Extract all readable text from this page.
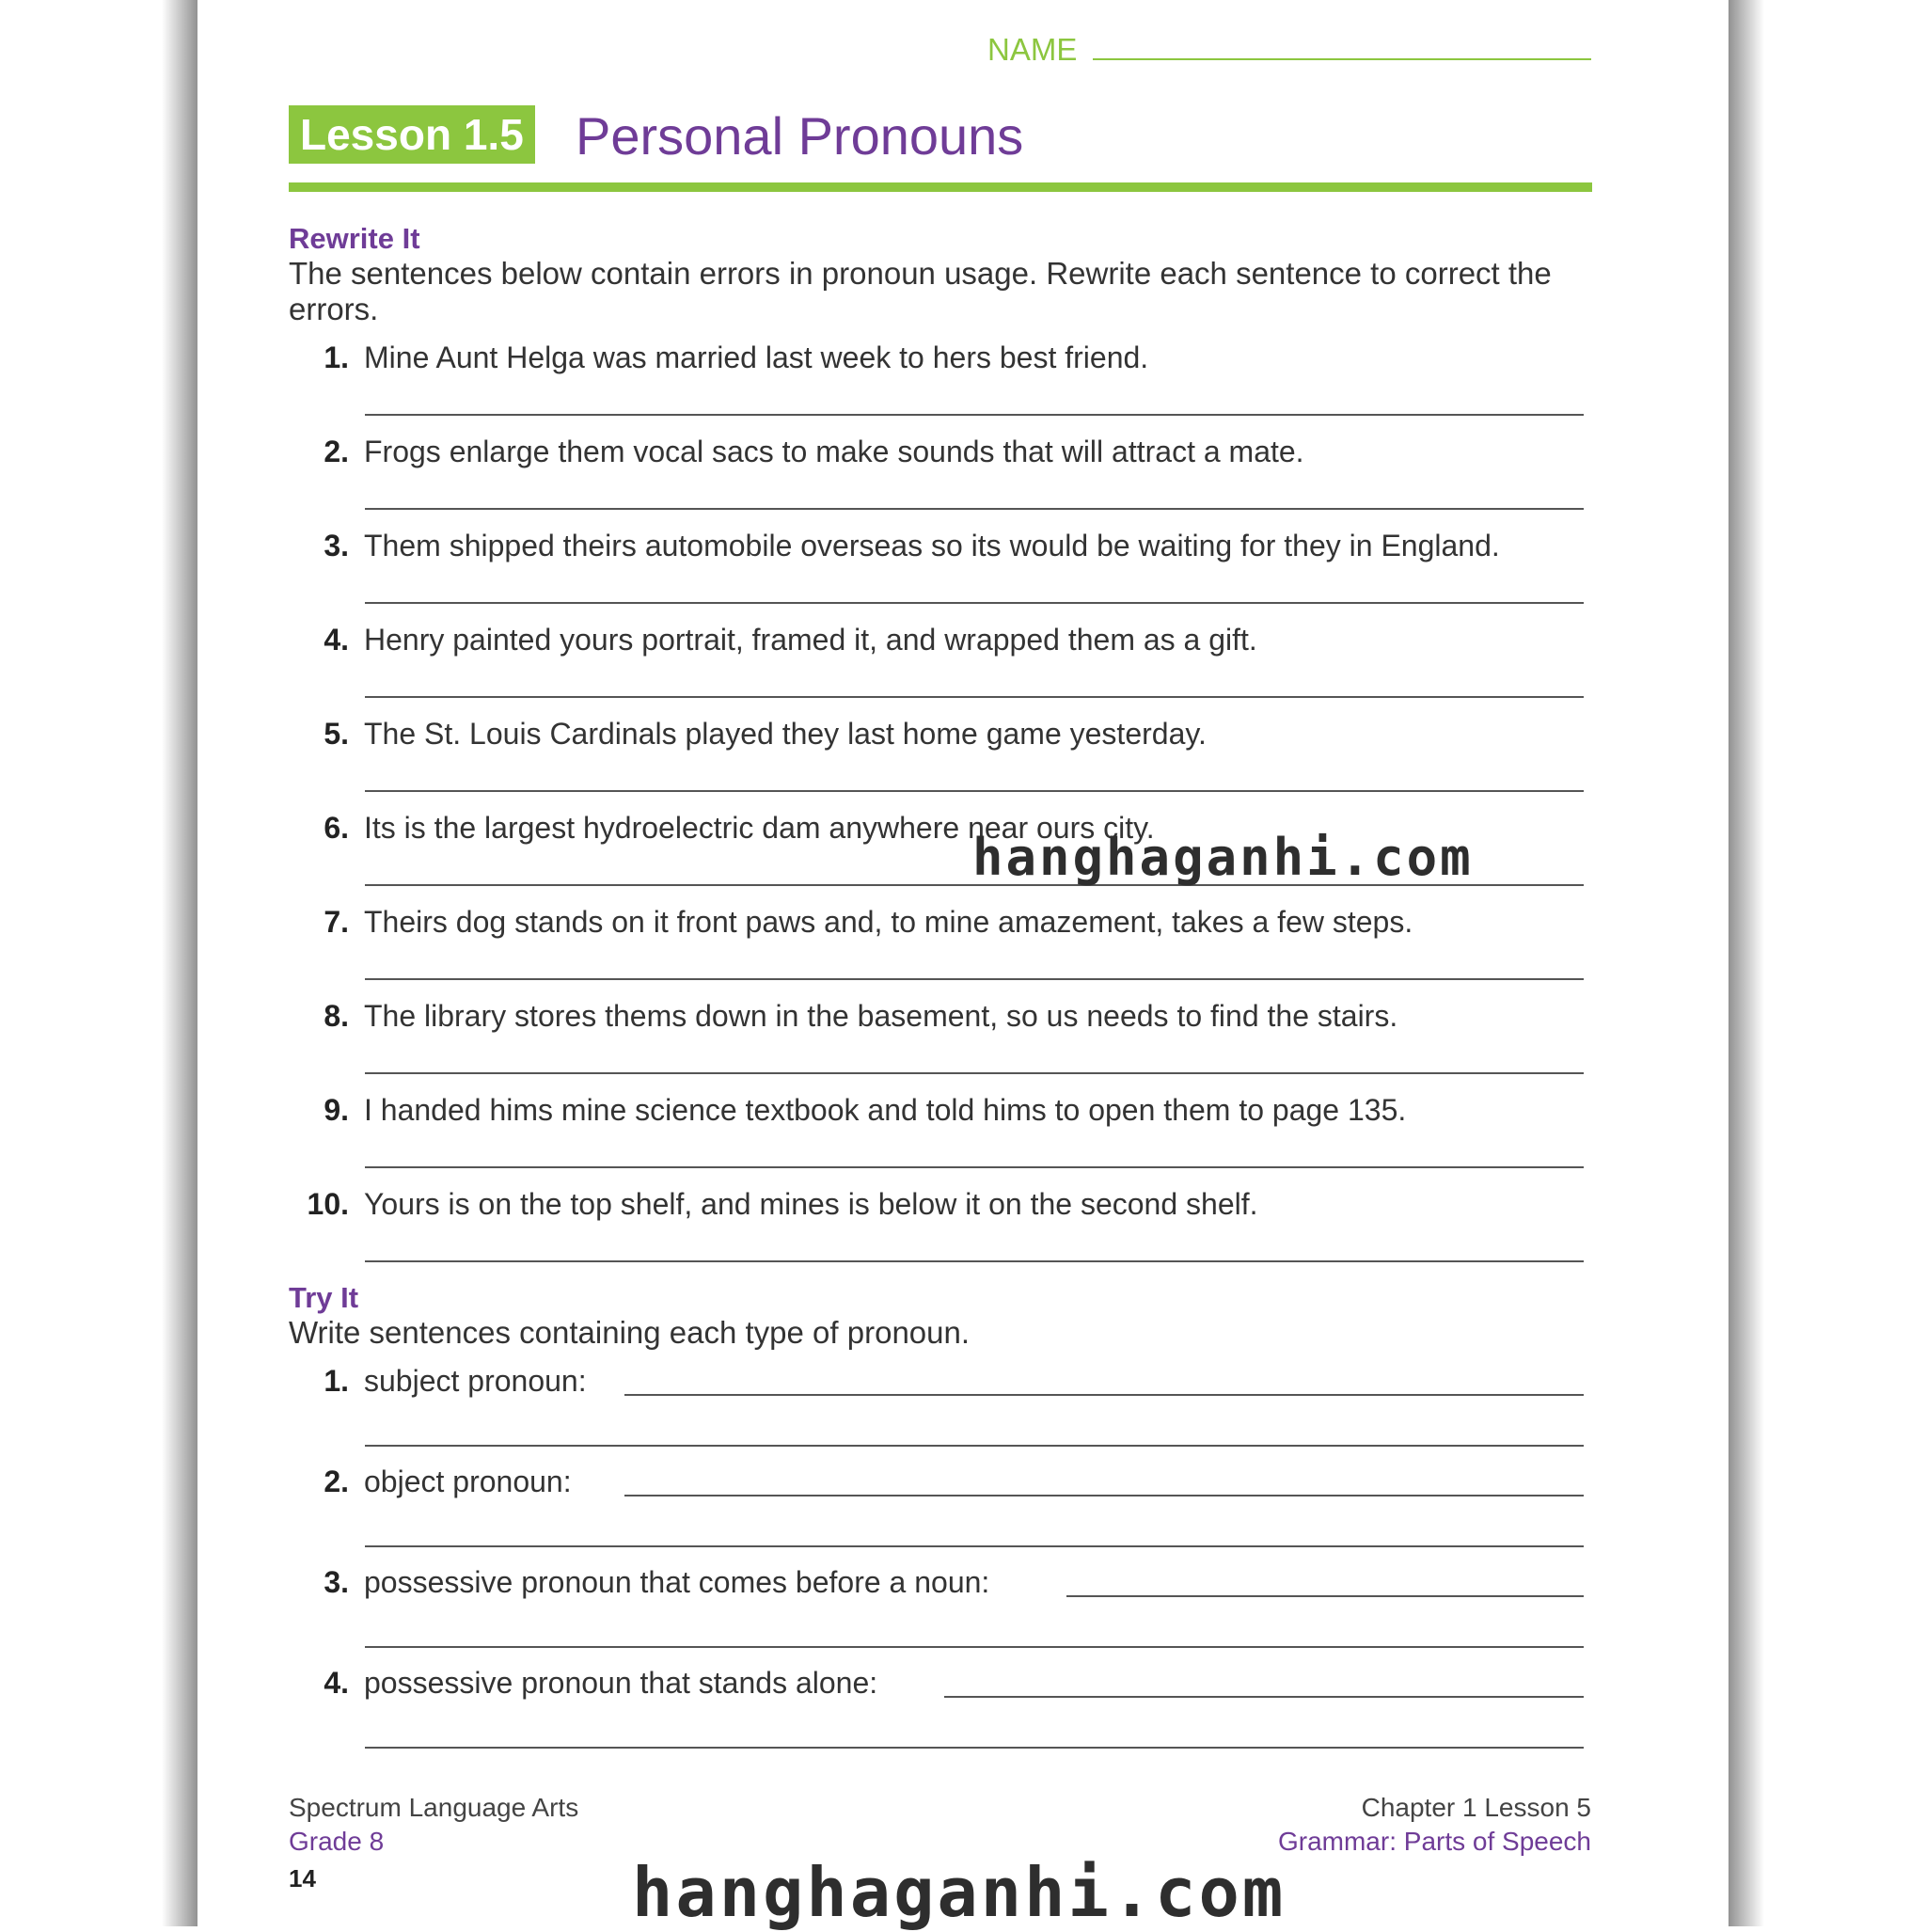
NAME
Lesson 1.5 Personal Pronouns
Rewrite It
The sentences below contain errors in pronoun usage. Rewrite each sentence to correct the errors.
1. Mine Aunt Helga was married last week to hers best friend.
2. Frogs enlarge them vocal sacs to make sounds that will attract a mate.
3. Them shipped theirs automobile overseas so its would be waiting for they in England.
4. Henry painted yours portrait, framed it, and wrapped them as a gift.
5. The St. Louis Cardinals played they last home game yesterday.
6. Its is the largest hydroelectric dam anywhere near ours city.
7. Theirs dog stands on it front paws and, to mine amazement, takes a few steps.
8. The library stores thems down in the basement, so us needs to find the stairs.
9. I handed hims mine science textbook and told hims to open them to page 135.
10. Yours is on the top shelf, and mines is below it on the second shelf.
Try It
Write sentences containing each type of pronoun.
1. subject pronoun:
2. object pronoun:
3. possessive pronoun that comes before a noun:
4. possessive pronoun that stands alone:
Spectrum Language Arts
Grade 8
14
Chapter 1 Lesson 5
Grammar: Parts of Speech
hanghaganhi.com
hanghaganhi.com
